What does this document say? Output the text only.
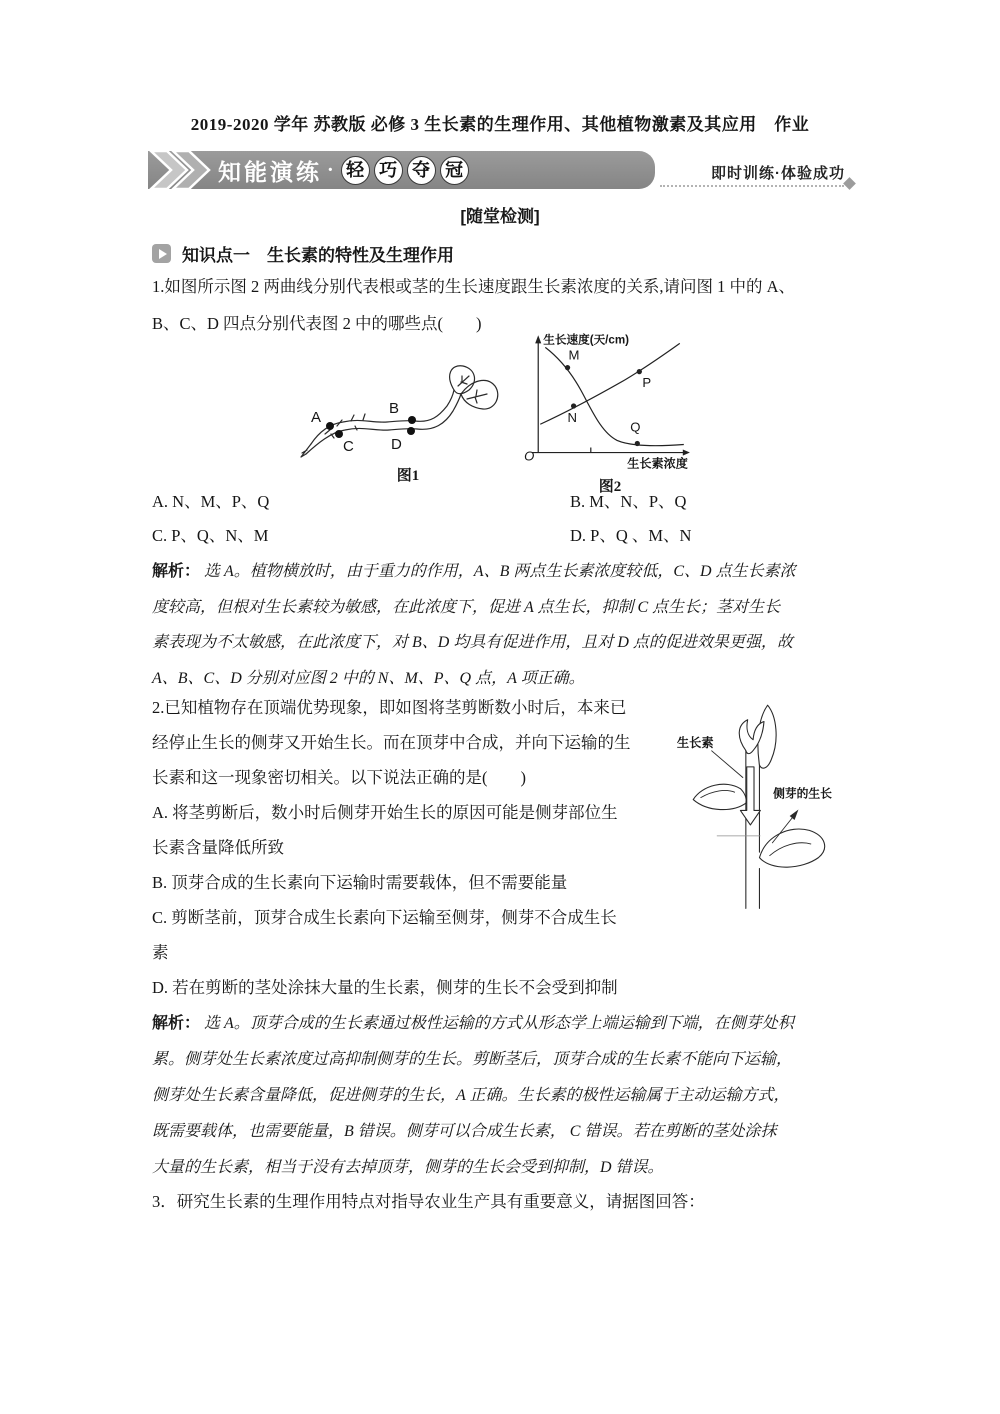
2019-2020 学年 苏教版 必修 3 生长素的生理作用、其他植物激素及其应用　作业
知能演练 · 轻 巧 夺 冠	即时训练·体验成功
[随堂检测]
知识点一　生长素的特性及生理作用
1.如图所示图 2 两曲线分别代表根或茎的生长速度跟生长素浓度的关系,请问图 1 中的 A、
B、C、D 四点分别代表图 2 中的哪些点(　　)
A
B
C D
图1
M
N
P
Q
O
生长速度(天/cm)
生长素浓度
图2
A. N、M、P、Q	B. M、N、P、Q
C. P、Q、N、M	D. P、Q 、M、N
解析： 选 A。植物横放时，由于重力的作用，A、B 两点生长素浓度较低，C、D 点生长素浓
度较高，但根对生长素较为敏感，在此浓度下，促进 A 点生长，抑制 C 点生长；茎对生长
素表现为不太敏感，在此浓度下，对 B、D 均具有促进作用，且对 D 点的促进效果更强，故
A、B、C、D 分别对应图 2 中的 N、M、P、Q 点，A 项正确。
2.已知植物存在顶端优势现象，即如图将茎剪断数小时后，本来已
经停止生长的侧芽又开始生长。而在顶芽中合成，并向下运输的生
长素和这一现象密切相关。以下说法正确的是(　　)
A. 将茎剪断后，数小时后侧芽开始生长的原因可能是侧芽部位生
长素含量降低所致
B. 顶芽合成的生长素向下运输时需要载体，但不需要能量
C. 剪断茎前，顶芽合成生长素向下运输至侧芽，侧芽不合成生长
素
生长素
侧芽的生长
D. 若在剪断的茎处涂抹大量的生长素，侧芽的生长不会受到抑制
解析： 选 A。顶芽合成的生长素通过极性运输的方式从形态学上端运输到下端，在侧芽处积
累。侧芽处生长素浓度过高抑制侧芽的生长。剪断茎后，顶芽合成的生长素不能向下运输，
侧芽处生长素含量降低，促进侧芽的生长，A 正确。生长素的极性运输属于主动运输方式，
既需要载体，也需要能量，B 错误。侧芽可以合成生长素， C 错误。若在剪断的茎处涂抹
大量的生长素，相当于没有去掉顶芽，侧芽的生长会受到抑制，D 错误。
3．研究生长素的生理作用特点对指导农业生产具有重要意义，请据图回答：
